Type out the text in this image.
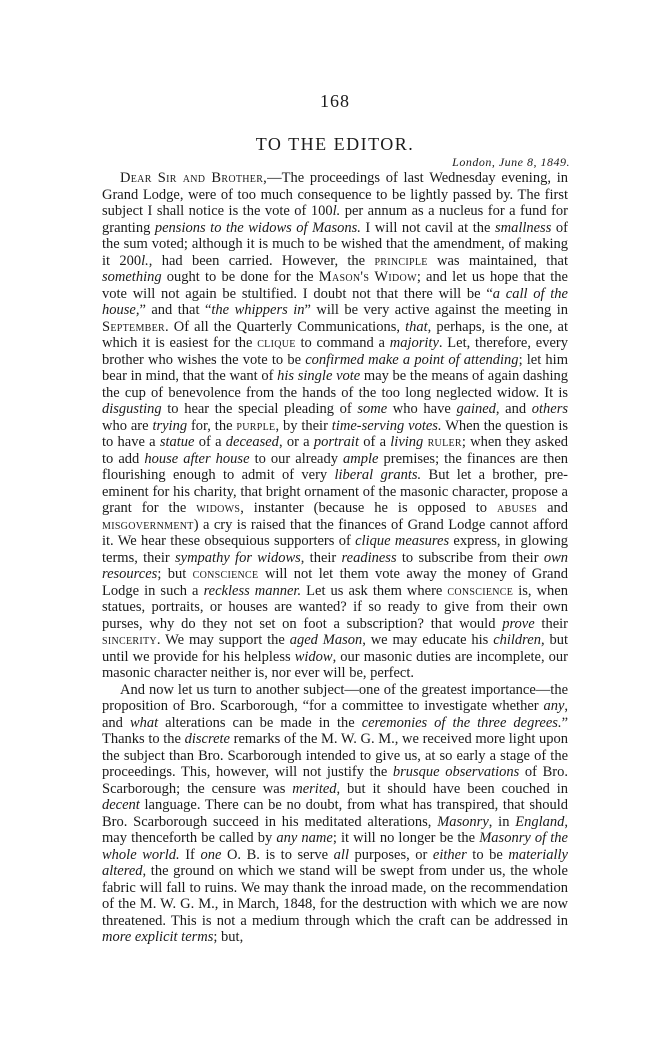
168
TO THE EDITOR.
London, June 8, 1849.

Dear Sir and Brother,—The proceedings of last Wednesday evening, in Grand Lodge, were of too much consequence to be lightly passed by. The first subject I shall notice is the vote of 100l. per annum as a nucleus for a fund for granting pensions to the widows of Masons. I will not cavil at the smallness of the sum voted; although it is much to be wished that the amendment, of making it 200l., had been carried. However, the principle was maintained, that something ought to be done for the Mason's Widow; and let us hope that the vote will not again be stultified. I doubt not that there will be “a call of the house,” and that “the whippers in” will be very active against the meeting in September. Of all the Quarterly Communications, that, perhaps, is the one, at which it is easiest for the clique to command a majority. Let, therefore, every brother who wishes the vote to be confirmed make a point of attending; let him bear in mind, that the want of his single vote may be the means of again dashing the cup of benevolence from the hands of the too long neglected widow. It is disgusting to hear the special pleading of some who have gained, and others who are trying for, the purple, by their time-serving votes. When the question is to have a statue of a deceased, or a portrait of a living ruler; when they asked to add house after house to our already ample premises; the finances are then flourishing enough to admit of very liberal grants. But let a brother, pre-eminent for his charity, that bright ornament of the masonic character, propose a grant for the widows, instanter (because he is opposed to abuses and misgovernment) a cry is raised that the finances of Grand Lodge cannot afford it. We hear these obsequious supporters of clique measures express, in glowing terms, their sympathy for widows, their readiness to subscribe from their own resources; but conscience will not let them vote away the money of Grand Lodge in such a reckless manner. Let us ask them where conscience is, when statues, portraits, or houses are wanted? if so ready to give from their own purses, why do they not set on foot a subscription? that would prove their sincerity. We may support the aged Mason, we may educate his children, but until we provide for his helpless widow, our masonic duties are incomplete, our masonic character neither is, nor ever will be, perfect.

And now let us turn to another subject—one of the greatest importance—the proposition of Bro. Scarborough, “for a committee to investigate whether any, and what alterations can be made in the ceremonies of the three degrees.” Thanks to the discrete remarks of the M. W. G. M., we received more light upon the subject than Bro. Scarborough intended to give us, at so early a stage of the proceedings. This, however, will not justify the brusque observations of Bro. Scarborough; the censure was merited, but it should have been couched in decent language. There can be no doubt, from what has transpired, that should Bro. Scarborough succeed in his meditated alterations, Masonry, in England, may thenceforth be called by any name; it will no longer be the Masonry of the whole world. If one O. B. is to serve all purposes, or either to be materially altered, the ground on which we stand will be swept from under us, the whole fabric will fall to ruins. We may thank the inroad made, on the recommendation of the M. W. G. M., in March, 1848, for the destruction with which we are now threatened. This is not a medium through which the craft can be addressed in more explicit terms; but,
